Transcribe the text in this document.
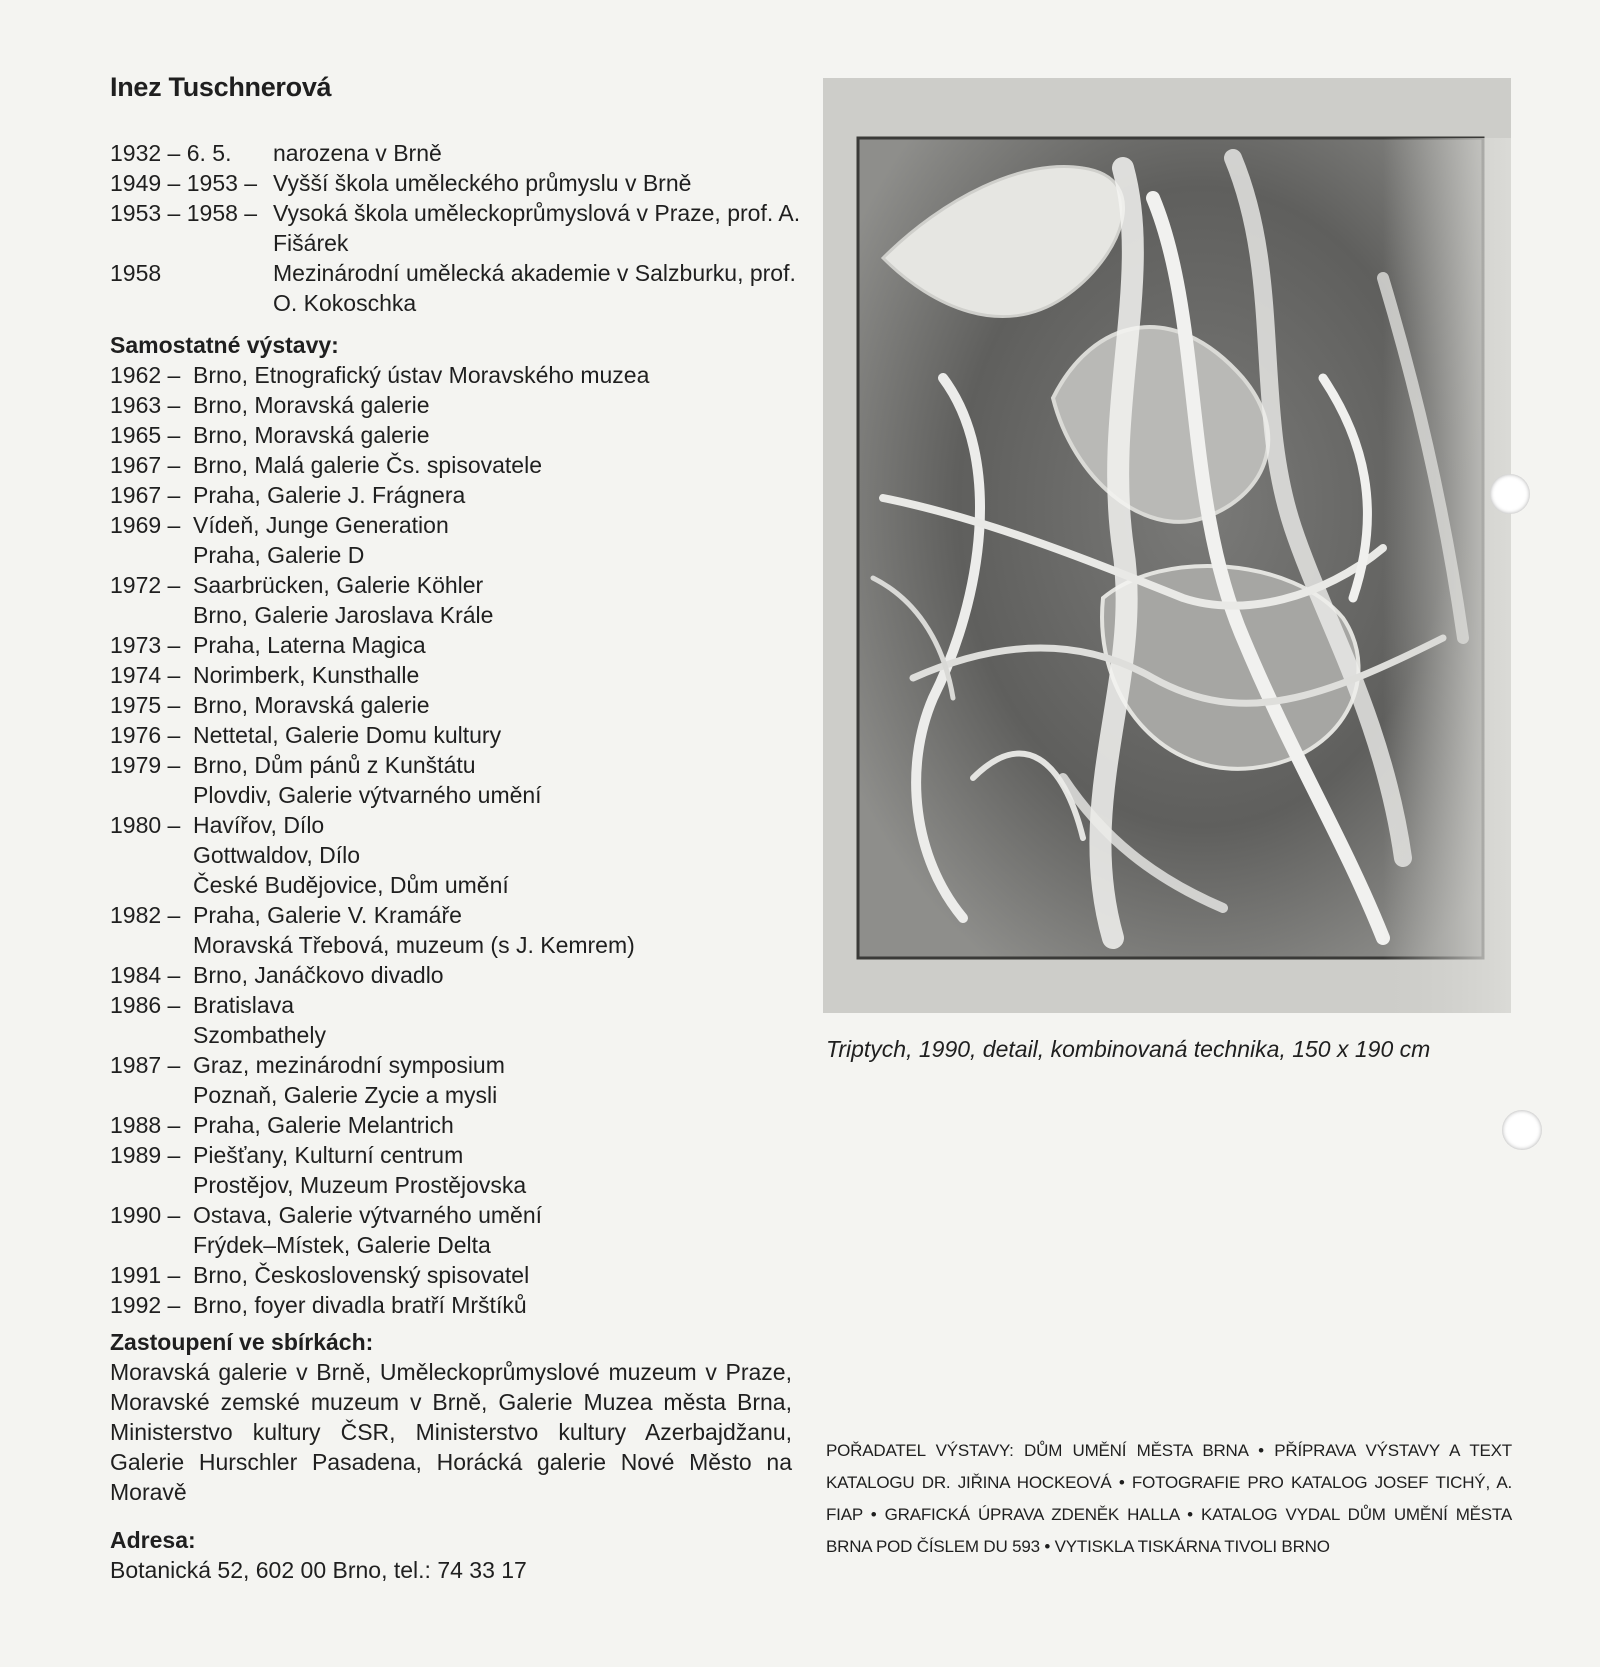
Inez Tuschnerová
1932 – 6. 5.	narozena v Brně
1949 – 1953 – Vyšší škola uměleckého průmyslu v Brně
1953 – 1958 – Vysoká škola uměleckoprůmyslová v Praze, prof. A. Fišárek
1958	Mezinárodní umělecká akademie v Salzburku, prof. O. Kokoschka
Samostatné výstavy:
1962 – Brno, Etnografický ústav Moravského muzea
1963 – Brno, Moravská galerie
1965 – Brno, Moravská galerie
1967 – Brno, Malá galerie Čs. spisovatele
1967 – Praha, Galerie J. Frágnera
1969 – Vídeň, Junge Generation
Praha, Galerie D
1972 – Saarbrücken, Galerie Köhler
Brno, Galerie Jaroslava Krále
1973 – Praha, Laterna Magica
1974 – Norimberk, Kunsthalle
1975 – Brno, Moravská galerie
1976 – Nettetal, Galerie Domu kultury
1979 – Brno, Dům pánů z Kunštátu
Plovdiv, Galerie výtvarného umění
1980 – Havířov, Dílo
Gottwaldov, Dílo
České Budějovice, Dům umění
1982 – Praha, Galerie V. Kramáře
Moravská Třebová, muzeum (s J. Kemrem)
1984 – Brno, Janáčkovo divadlo
1986 – Bratislava
Szombathely
1987 – Graz, mezinárodní symposium
Poznaň, Galerie Zycie a mysli
1988 – Praha, Galerie Melantrich
1989 – Piešťany, Kulturní centrum
Prostějov, Muzeum Prostějovska
1990 – Ostava, Galerie výtvarného umění
Frýdek–Místek, Galerie Delta
1991 – Brno, Československý spisovatel
1992 – Brno, foyer divadla bratří Mrštíků
Zastoupení ve sbírkách:

Moravská galerie v Brně, Uměleckoprůmyslové muzeum v Praze, Moravské zemské muzeum v Brně, Galerie Muzea města Brna, Ministerstvo kultury ČSR, Ministerstvo kultury Azerbajdžanu, Galerie Hurschler Pasadena, Horácká galerie Nové Město na Moravě

Adresa:

Botanická 52, 602 00 Brno, tel.: 74 33 17

Triptych, 1990, detail, kombinovaná technika, 150 x 190 cm

POŘADATEL VÝSTAVY: DŮM UMĚNÍ MĚSTA BRNA • PŘÍPRAVA VÝSTAVY A TEXT KATALOGU DR. JIŘINA HOCKEOVÁ • FOTOGRAFIE PRO KATALOG JOSEF TICHÝ, A. FIAP • GRAFICKÁ ÚPRAVA ZDENĚK HALLA • KATALOG VYDAL DŮM UMĚNÍ MĚSTA BRNA POD ČÍSLEM DU 593 • VYTISKLA TISKÁRNA TIVOLI BRNO
